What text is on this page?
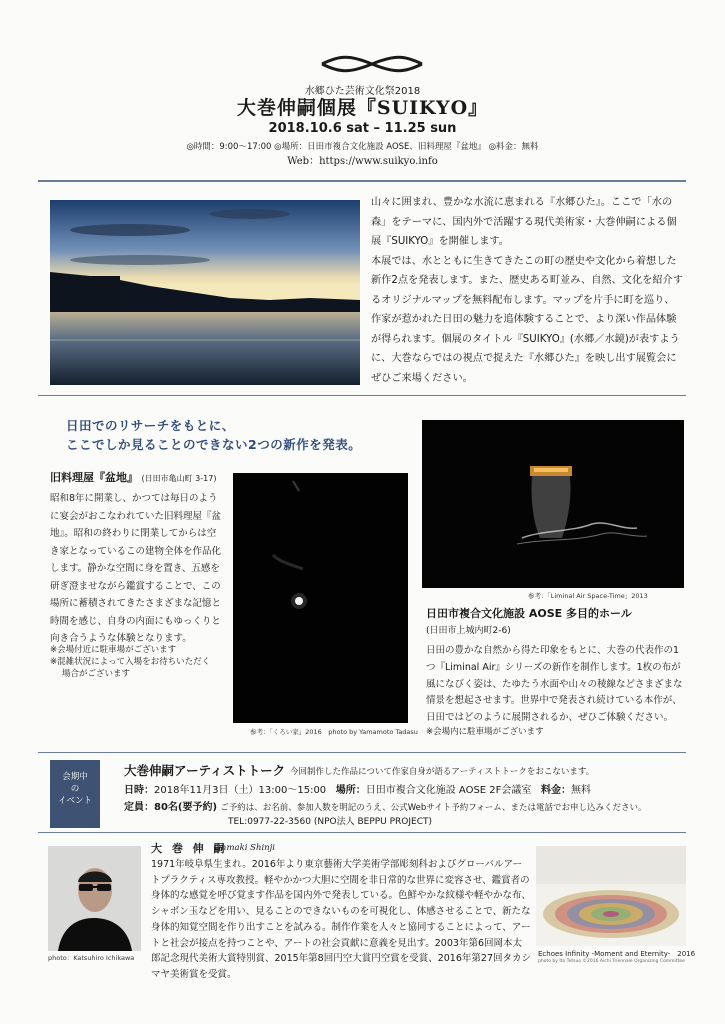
水郷ひた芸術文化祭2018
大巻伸嗣個展『SUIKYO』
2018.10.6 sat – 11.25 sun
◎時間：9:00～17:00 ◎場所：日田市複合文化施設 AOSE、旧料理屋『盆地』 ◎料金：無料
Web：https://www.suikyo.info

山々に囲まれ、豊かな水流に恵まれる『水郷ひた』。ここで「水の森」をテーマに、国内外で活躍する現代美術家・大巻伸嗣による個展『SUIKYO』を開催します。

本展では、水とともに生きてきたこの町の歴史や文化から着想した新作2点を発表します。また、歴史ある町並み、自然、文化を紹介するオリジナルマップを無料配布します。マップを片手に町を巡り、作家が惹かれた日田の魅力を追体験することで、より深い作品体験が得られます。個展のタイトル『SUIKYO』(水郷／水鏡)が表すように、大巻ならではの視点で捉えた『水郷ひた』を映し出す展覧会にぜひご来場ください。

日田でのリサーチをもとに、
ここでしか見ることのできない2つの新作を発表。
旧料理屋『盆地』 (日田市亀山町 3-17)
昭和8年に開業し、かつては毎日のように宴会がおこなわれていた旧料理屋『盆地』。昭和の終わりに閉業してからは空き家となっているこの建物全体を作品化します。静かな空間に身を置き、五感を研ぎ澄ませながら鑑賞することで、この場所に蓄積されてきたさまざまな記憶と時間を感じ、自身の内面にもゆっくりと向き合うような体験となります。
※会場付近に駐車場がございます
※混雑状況によって入場をお待ちいただく
場合がございます
参考：「くろい家」2016　photo by Yamamoto Tadasu
参考：「Liminal Air Space-Time」2013
日田市複合文化施設 AOSE 多目的ホール
(日田市上城内町2-6)
日田の豊かな自然から得た印象をもとに、大巻の代表作の1つ『Liminal Air』シリーズの新作を制作します。1枚の布が風になびく姿は、たゆたう水面や山々の稜線などさまざまな情景を想起させます。世界中で発表され続けている本作が、日田ではどのように展開されるか、ぜひご体験ください。
※会場内に駐車場がございます
会期中
の
イベント
大巻伸嗣アーティストトーク 今回制作した作品について作家自身が語るアーティストトークをおこないます。
日時：2018年11月3日（土）13:00～15:00 場所：日田市複合文化施設 AOSE 2F会議室 料金：無料
定員：80名(要予約) ご予約は、お名前、参加人数を明記のうえ、公式Webサイト予約フォーム、または電話でお申し込みください。
TEL:0977-22-3560 (NPO法人 BEPPU PROJECT)
photo：Katsuhiro Ichikawa
大 巻 伸 嗣
Ohmaki Shinji
1971年岐阜県生まれ。2016年より東京藝術大学美術学部彫刻科およびグローバルアートプラクティス専攻教授。軽やかかつ大胆に空間を非日常的な世界に変容させ、鑑賞者の身体的な感覚を呼び覚ます作品を国内外で発表している。色鮮やかな紋様や軽やかな布、シャボン玉などを用い、見ることのできないものを可視化し、体感させることで、新たな身体的知覚空間を作り出すことを試みる。制作作業を人々と協同することによって、アートと社会が接点を持つことや、アートの社会貢献に意義を見出す。2003年第6回岡本太郎記念現代美術大賞特別賞、2015年第8回円空大賞円空賞を受賞、2016年第27回タカシマヤ美術賞を受賞。
Echoes Infinity -Moment and Eternity-　2016
photo by Ito Tetsuo ©2016 Aichi Triennale Organizing Committee
